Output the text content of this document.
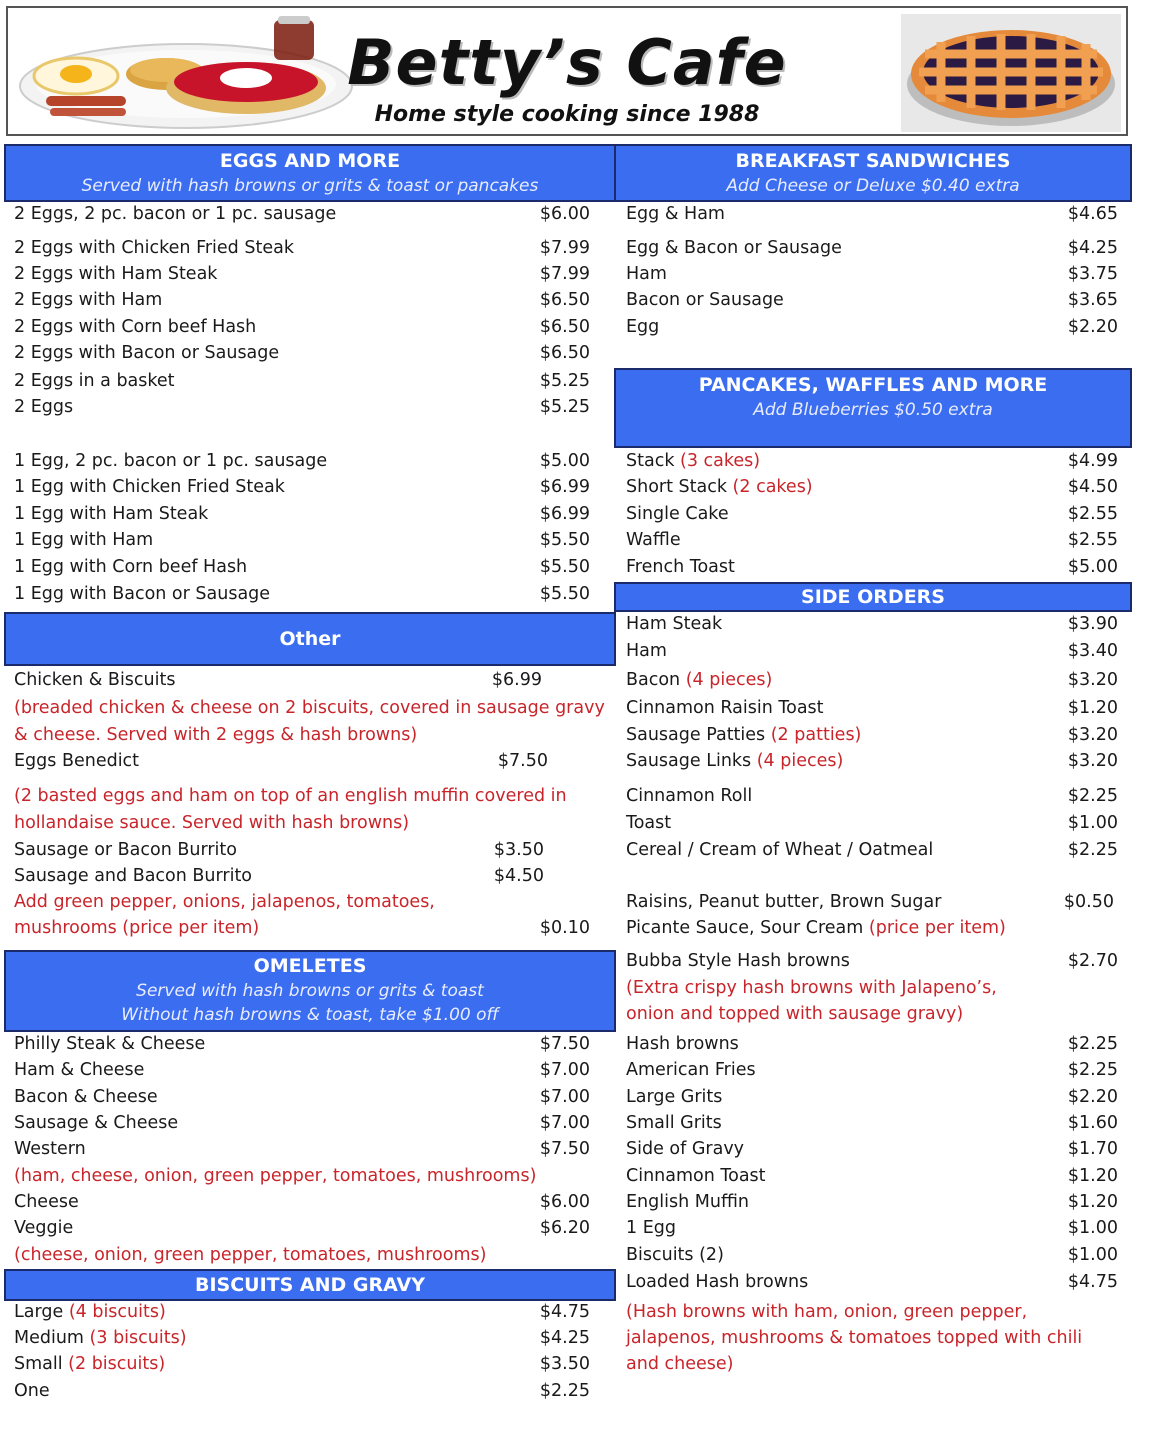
Betty’s Cafe
Home style cooking since 1988
EGGS AND MORE
Served with hash browns or grits & toast or pancakes
2 Eggs, 2 pc. bacon or 1 pc. sausage	$6.00
2 Eggs with Chicken Fried Steak	$7.99
2 Eggs with Ham Steak	$7.99
2 Eggs with Ham	$6.50
2 Eggs with Corn beef Hash	$6.50
2 Eggs with Bacon or Sausage	$6.50
2 Eggs in a basket	$5.25
2 Eggs	$5.25
1 Egg, 2 pc. bacon or 1 pc. sausage	$5.00
1 Egg with Chicken Fried Steak	$6.99
1 Egg with Ham Steak	$6.99
1 Egg with Ham	$5.50
1 Egg with Corn beef Hash	$5.50
1 Egg with Bacon or Sausage	$5.50
Other
Chicken & Biscuits	$6.99
(breaded chicken & cheese on 2 biscuits, covered in sausage gravy
& cheese. Served with 2 eggs & hash browns)
Eggs Benedict	$7.50
(2 basted eggs and ham on top of an english muffin covered in
hollandaise sauce. Served with hash browns)
Sausage or Bacon Burrito	$3.50
Sausage and Bacon Burrito	$4.50
Add green pepper, onions, jalapenos, tomatoes,
mushrooms (price per item)	$0.10
OMELETES
Served with hash browns or grits & toast
Without hash browns & toast, take $1.00 off
Philly Steak & Cheese	$7.50
Ham & Cheese	$7.00
Bacon & Cheese	$7.00
Sausage & Cheese	$7.00
Western	$7.50
(ham, cheese, onion, green pepper, tomatoes, mushrooms)
Cheese	$6.00
Veggie	$6.20
(cheese, onion, green pepper, tomatoes, mushrooms)
BISCUITS AND GRAVY
Large (4 biscuits)	$4.75
Medium (3 biscuits)	$4.25
Small (2 biscuits)	$3.50
One	$2.25
BREAKFAST SANDWICHES
Add Cheese or Deluxe $0.40 extra
Egg & Ham	$4.65
Egg & Bacon or Sausage	$4.25
Ham	$3.75
Bacon or Sausage	$3.65
Egg	$2.20
PANCAKES, WAFFLES AND MORE
Add Blueberries $0.50 extra
Stack (3 cakes)	$4.99
Short Stack (2 cakes)	$4.50
Single Cake	$2.55
Waffle	$2.55
French Toast	$5.00
SIDE ORDERS
Ham Steak	$3.90
Ham	$3.40
Bacon (4 pieces)	$3.20
Cinnamon Raisin Toast	$1.20
Sausage Patties (2 patties)	$3.20
Sausage Links (4 pieces)	$3.20
Cinnamon Roll	$2.25
Toast	$1.00
Cereal / Cream of Wheat / Oatmeal	$2.25
Raisins, Peanut butter, Brown Sugar	$0.50
Picante Sauce, Sour Cream (price per item)
Bubba Style Hash browns	$2.70
(Extra crispy hash browns with Jalapeno’s,
onion and topped with sausage gravy)
Hash browns	$2.25
American Fries	$2.25
Large Grits	$2.20
Small Grits	$1.60
Side of Gravy	$1.70
Cinnamon Toast	$1.20
English Muffin	$1.20
1 Egg	$1.00
Biscuits (2)	$1.00
Loaded Hash browns	$4.75
(Hash browns with ham, onion, green pepper,
jalapenos, mushrooms & tomatoes topped with chili
and cheese)
